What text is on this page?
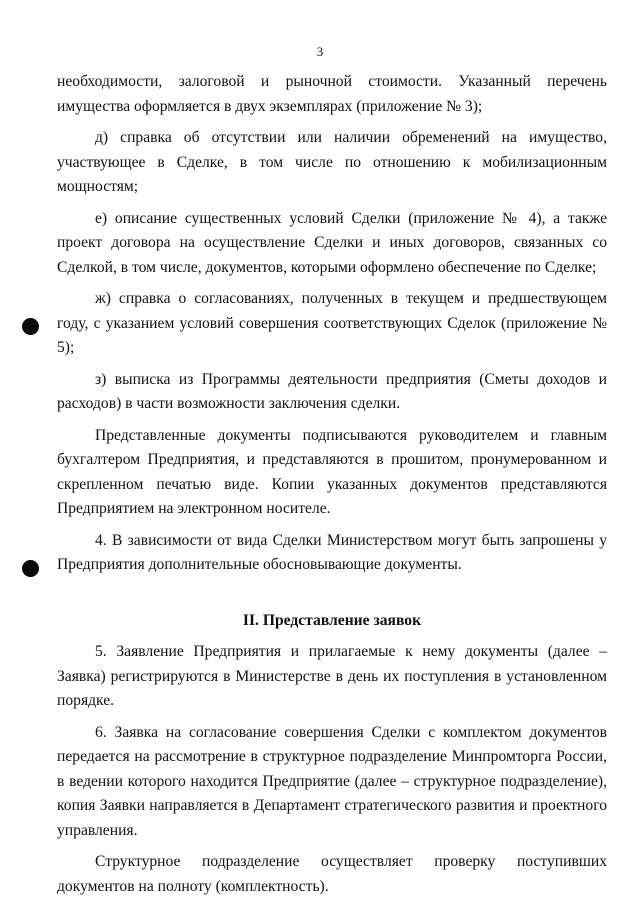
3

необходимости, залоговой и рыночной стоимости. Указанный перечень имущества оформляется в двух экземплярах (приложение № 3);

д) справка об отсутствии или наличии обременений на имущество, участвующее в Сделке, в том числе по отношению к мобилизационным мощностям;

е) описание существенных условий Сделки (приложение № 4), а также проект договора на осуществление Сделки и иных договоров, связанных со Сделкой, в том числе, документов, которыми оформлено обеспечение по Сделке;

ж) справка о согласованиях, полученных в текущем и предшествующем году, с указанием условий совершения соответствующих Сделок (приложение № 5);

з) выписка из Программы деятельности предприятия (Сметы доходов и расходов) в части возможности заключения сделки.

Представленные документы подписываются руководителем и главным бухгалтером Предприятия, и представляются в прошитом, пронумерованном и скрепленном печатью виде. Копии указанных документов представляются Предприятием на электронном носителе.

4. В зависимости от вида Сделки Министерством могут быть запрошены у Предприятия дополнительные обосновывающие документы.

II. Представление заявок

5. Заявление Предприятия и прилагаемые к нему документы (далее – Заявка) регистрируются в Министерстве в день их поступления в установленном порядке.

6. Заявка на согласование совершения Сделки с комплектом документов передается на рассмотрение в структурное подразделение Минпромторга России, в ведении которого находится Предприятие (далее – структурное подразделение), копия Заявки направляется в Департамент стратегического развития и проектного управления.

Структурное подразделение осуществляет проверку поступивших документов на полноту (комплектность).
